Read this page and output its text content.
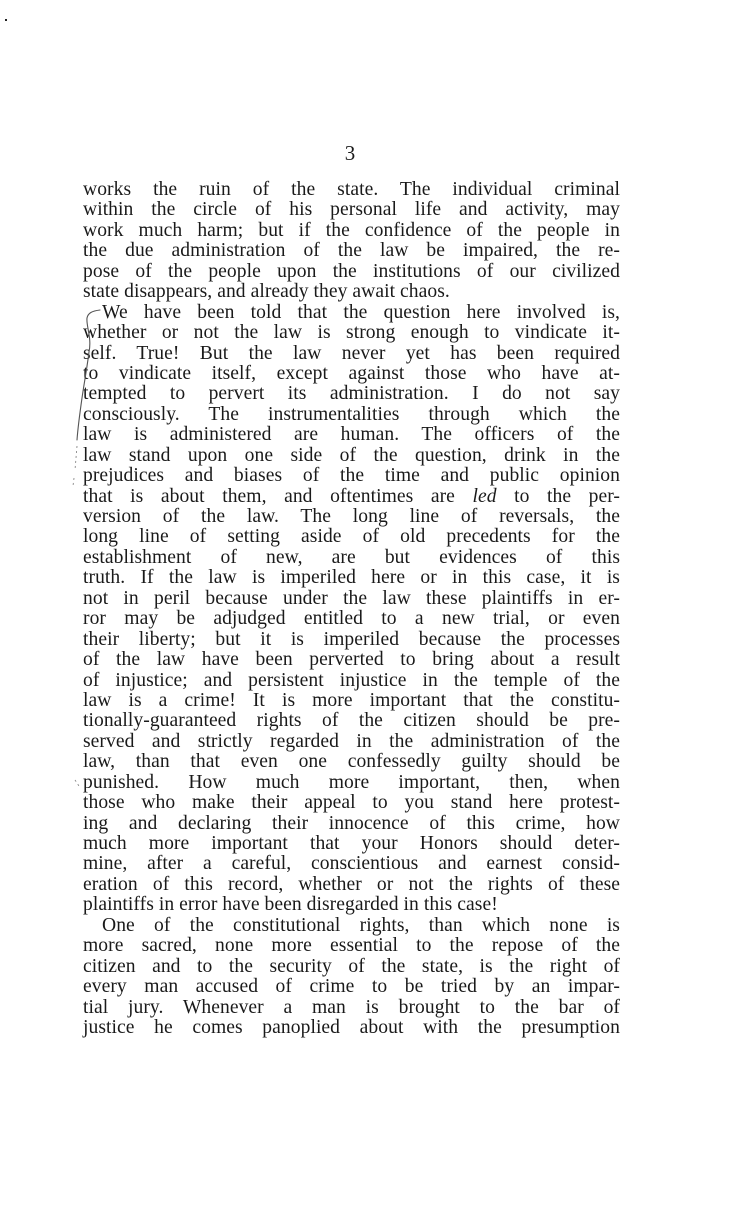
3
works the ruin of the state. The individual criminal
within the circle of his personal life and activity, may
work much harm; but if the confidence of the people in
the due administration of the law be impaired, the re-
pose of the people upon the institutions of our civilized
state disappears, and already they await chaos.
We have been told that the question here involved is,
whether or not the law is strong enough to vindicate it-
self. True! But the law never yet has been required
to vindicate itself, except against those who have at-
tempted to pervert its administration. I do not say
consciously. The instrumentalities through which the
law is administered are human. The officers of the
law stand upon one side of the question, drink in the
prejudices and biases of the time and public opinion
that is about them, and oftentimes are led to the per-
version of the law. The long line of reversals, the
long line of setting aside of old precedents for the
establishment of new, are but evidences of this
truth. If the law is imperiled here or in this case, it is
not in peril because under the law these plaintiffs in er-
ror may be adjudged entitled to a new trial, or even
their liberty; but it is imperiled because the processes
of the law have been perverted to bring about a result
of injustice; and persistent injustice in the temple of the
law is a crime! It is more important that the constitu-
tionally-guaranteed rights of the citizen should be pre-
served and strictly regarded in the administration of the
law, than that even one confessedly guilty should be
punished. How much more important, then, when
those who make their appeal to you stand here protest-
ing and declaring their innocence of this crime, how
much more important that your Honors should deter-
mine, after a careful, conscientious and earnest consid-
eration of this record, whether or not the rights of these
plaintiffs in error have been disregarded in this case!
One of the constitutional rights, than which none is
more sacred, none more essential to the repose of the
citizen and to the security of the state, is the right of
every man accused of crime to be tried by an impar-
tial jury. Whenever a man is brought to the bar of
justice he comes panoplied about with the presumption
